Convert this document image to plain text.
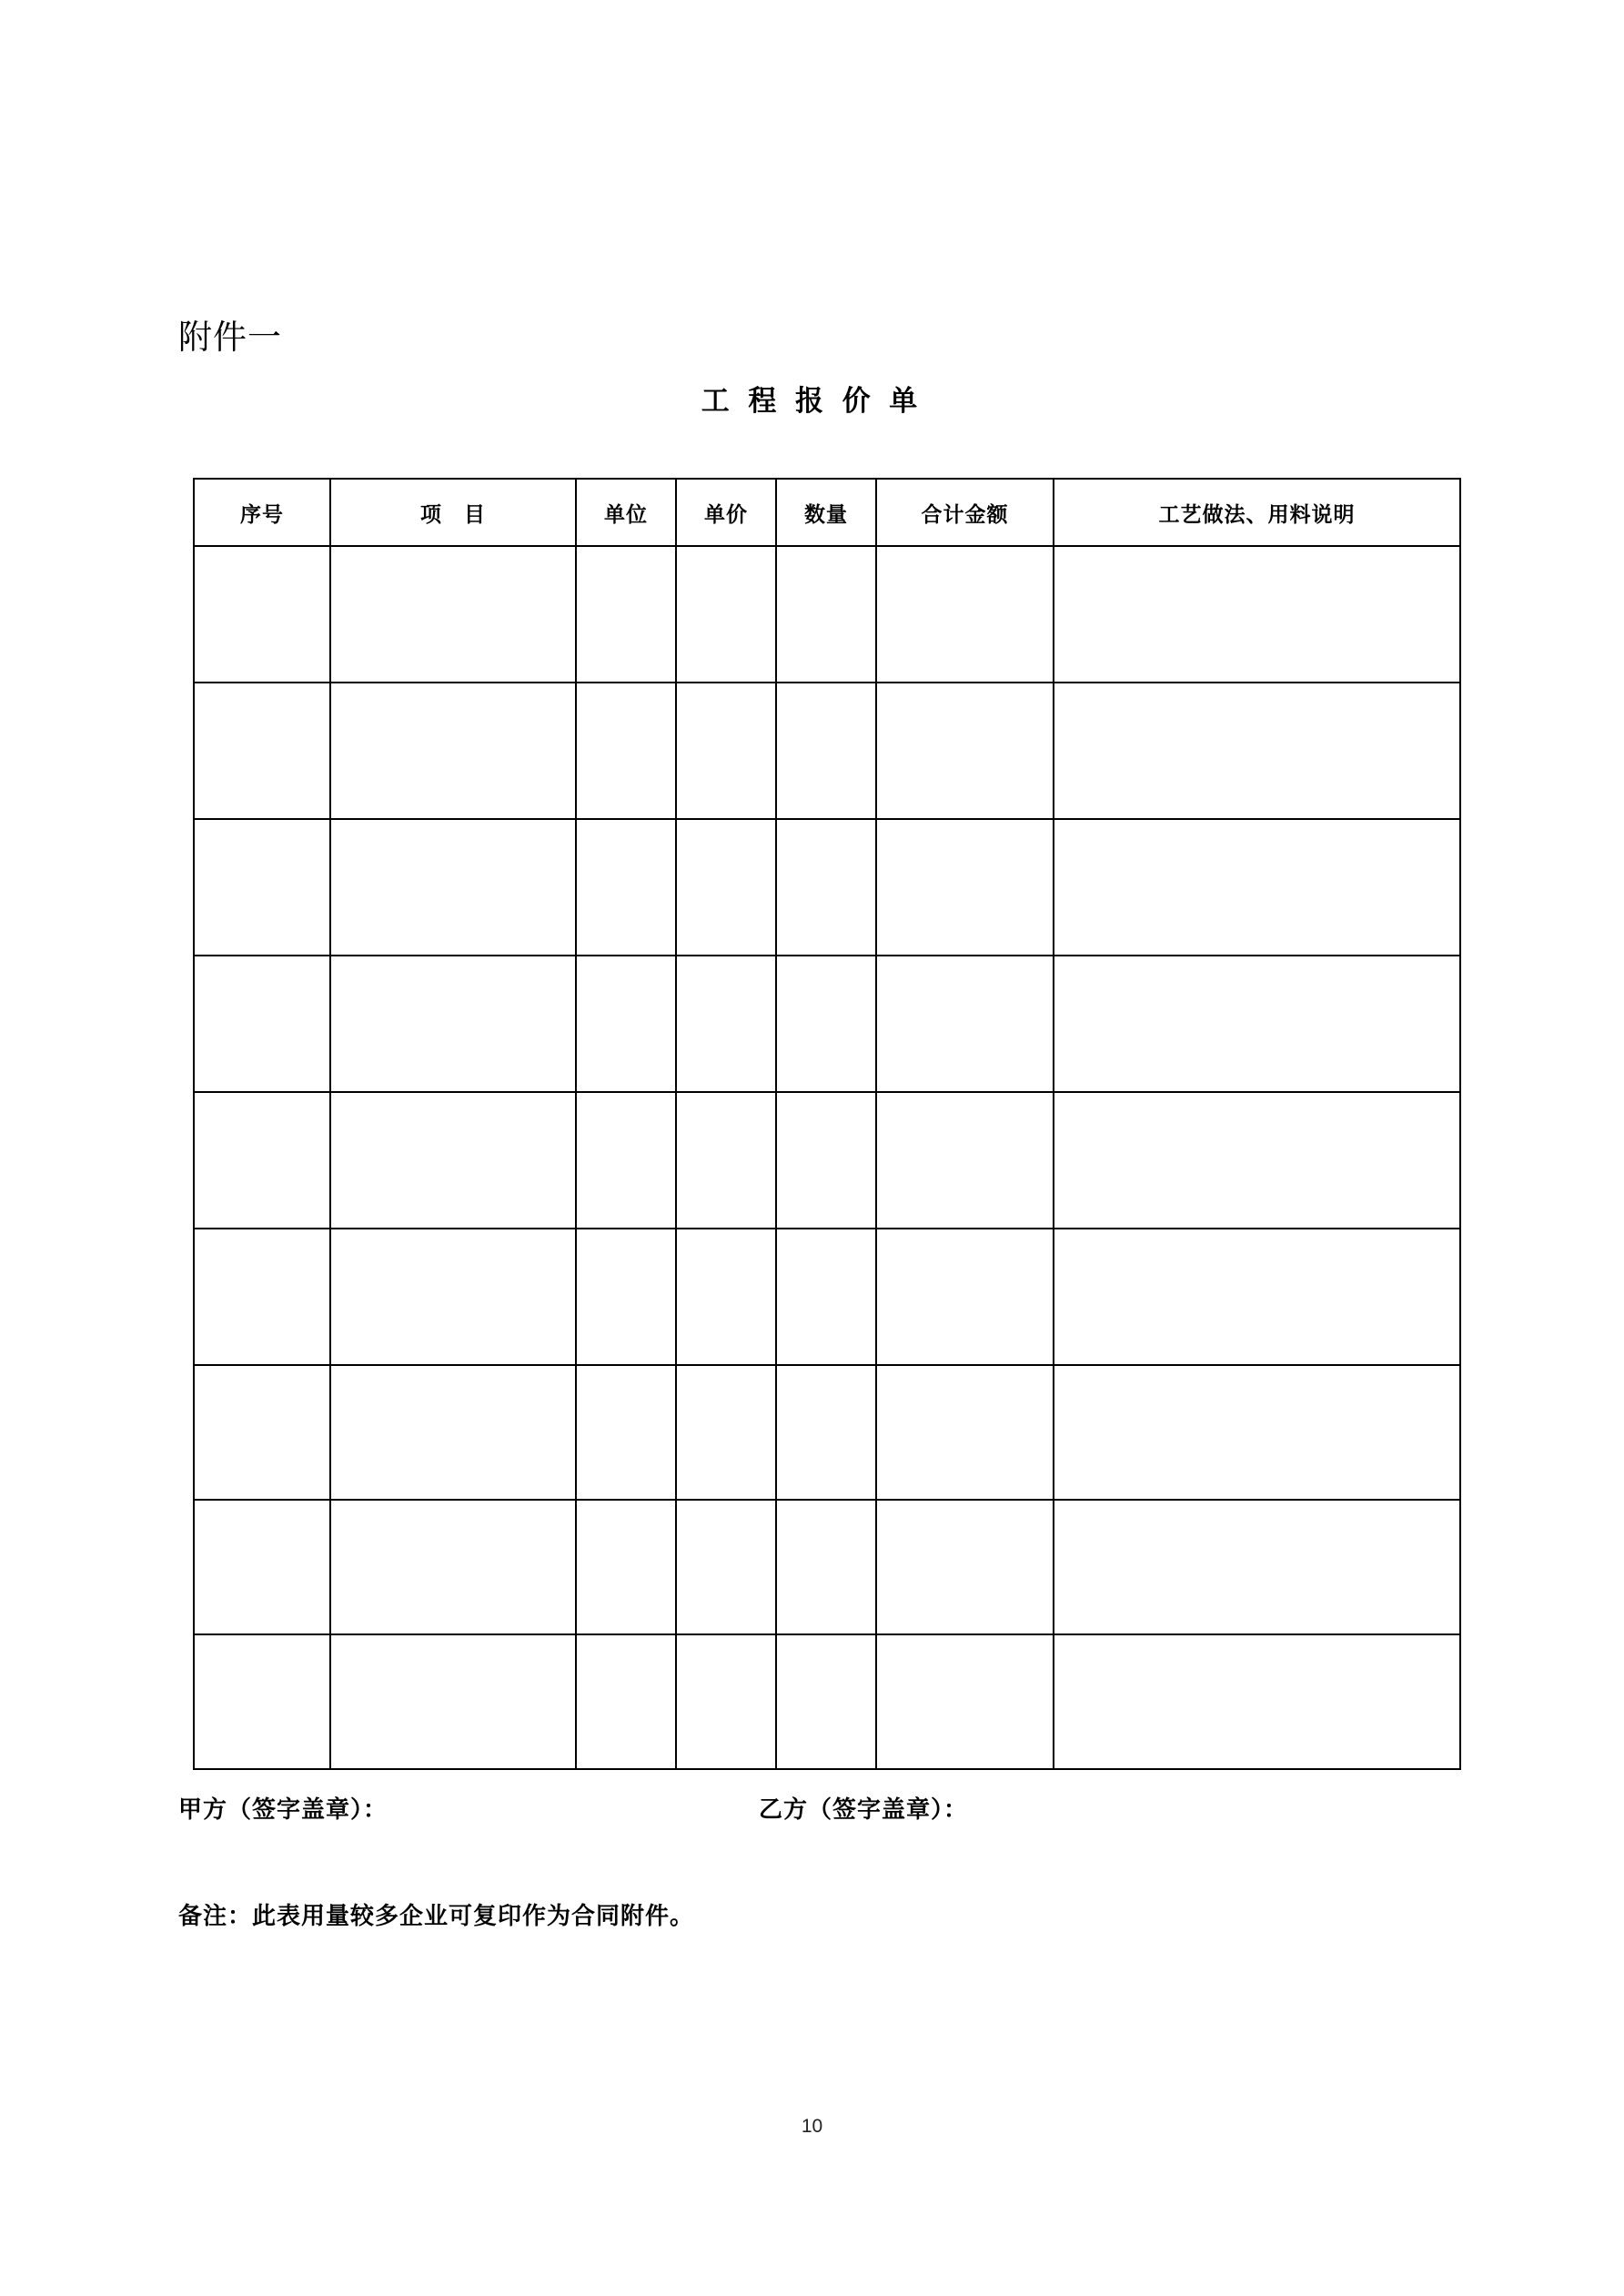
附件一
工 程 报 价 单
序号	项　目	单位	单价	数量	合计金额	工艺做法、用料说明

甲方（签字盖章）：	乙方（签字盖章）：
备注：此表用量较多企业可复印作为合同附件。
10
